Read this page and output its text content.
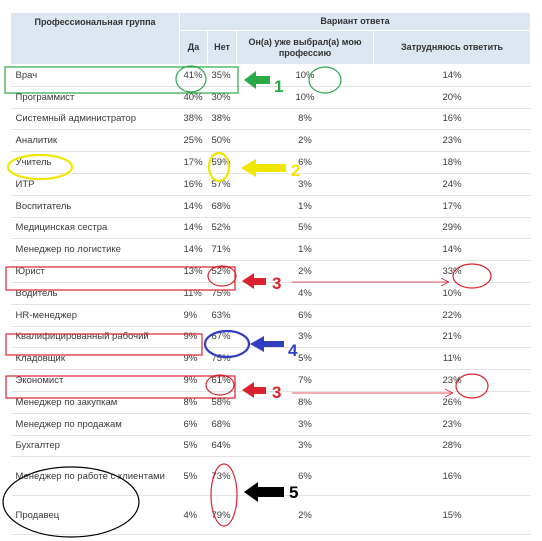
Профессиональная группа	Вариант ответа			
	Да	Нет	Он(а) уже выбрал(а) мою профессию	Затрудняюсь ответить
Врач	41%	35%	10%	14%
Программист	40%	30%	10%	20%
Системный администратор	38%	38%	8%	16%
Аналитик	25%	50%	2%	23%
Учитель	17%	59%	6%	18%
ИТР	16%	57%	3%	24%
Воспитатель	14%	68%	1%	17%
Медицинская сестра	14%	52%	5%	29%
Менеджер по логистике	14%	71%	1%	14%
Юрист	13%	52%	2%	33%
Водитель	11%	75%	4%	10%
HR-менеджер	9%	63%	6%	22%
Квалифицированный рабочий	9%	67%	3%	21%
Кладовщик	9%	75%	5%	11%
Экономист	9%	61%	7%	23%
Менеджер по закупкам	8%	58%	8%	26%
Менеджер по продажам	6%	68%	3%	23%
Бухгалтер	5%	64%	3%	28%
Менеджер по работе с клиентами	5%	73%	6%	16%
Продавец	4%	79%	2%	15%
1
2
3
4
3
5
